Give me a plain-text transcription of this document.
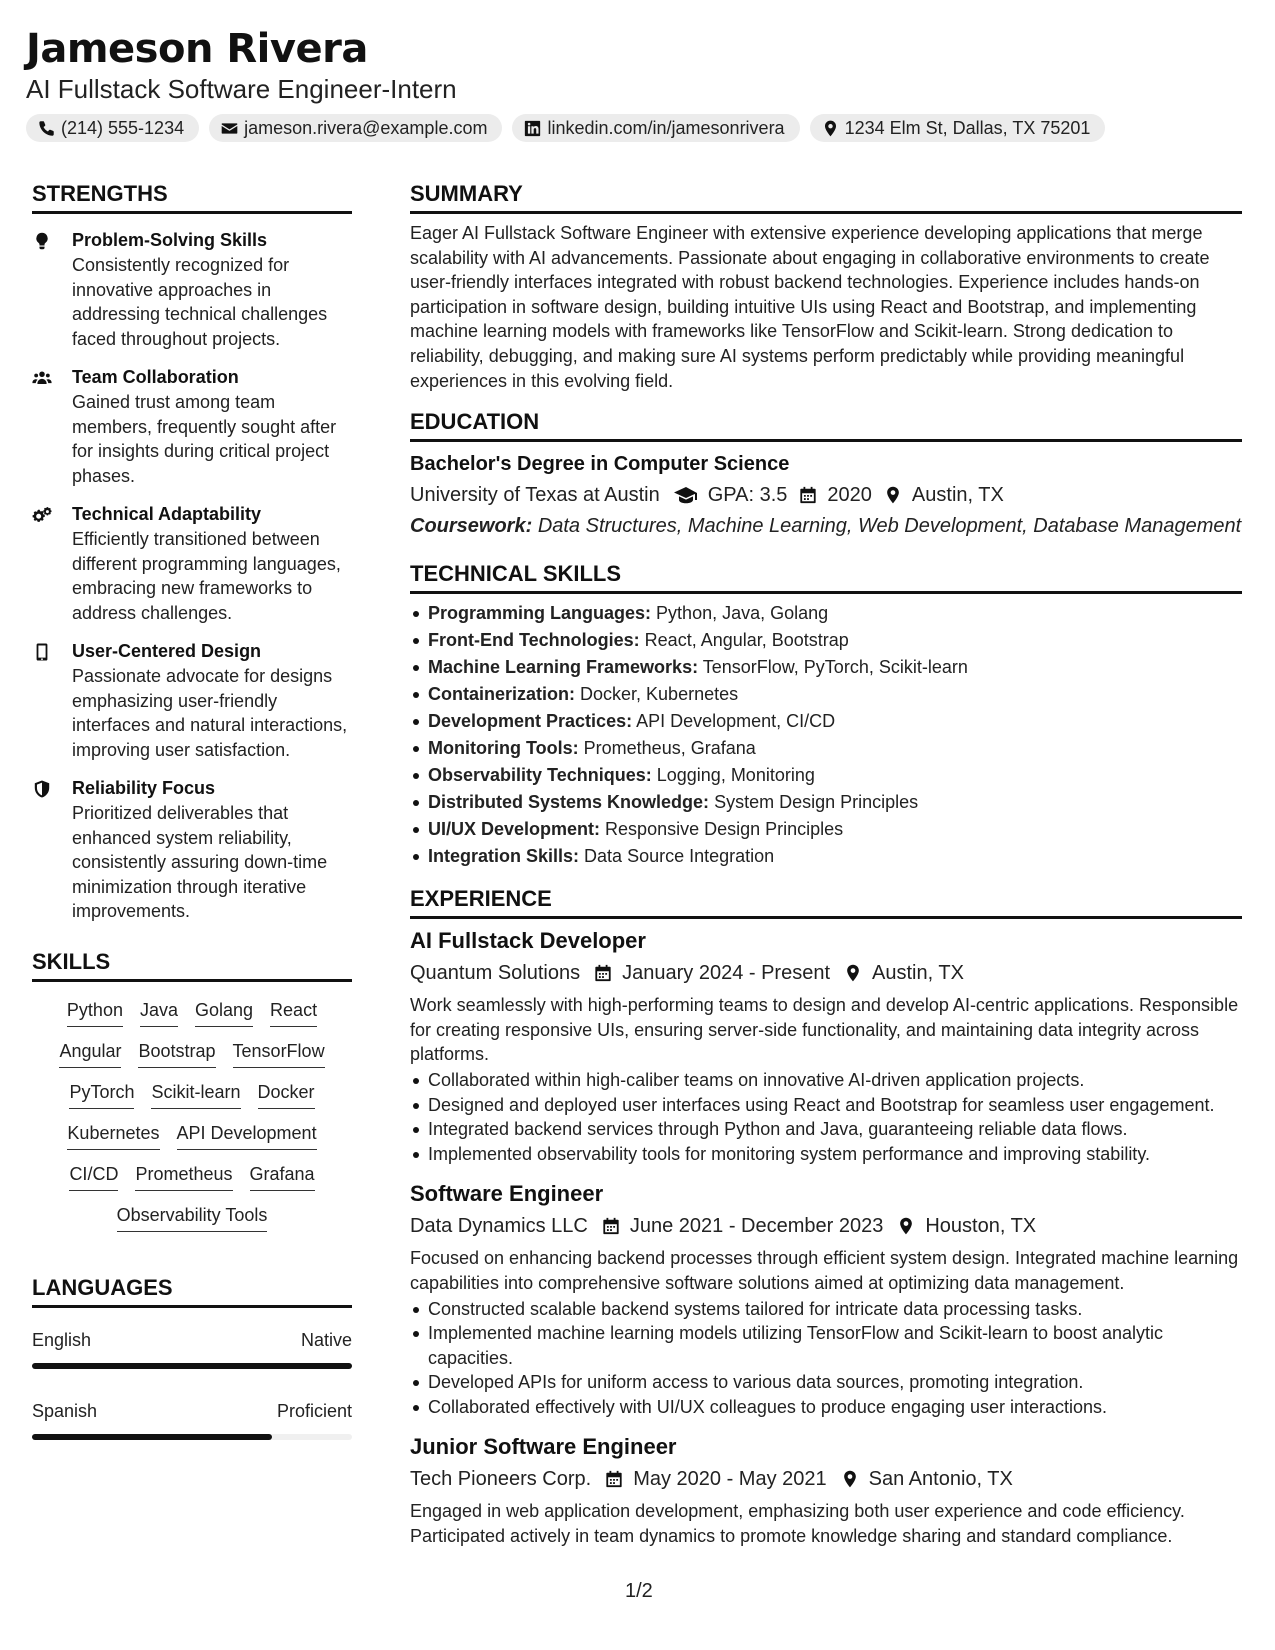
Jameson Rivera
AI Fullstack Software Engineer-Intern
(214) 555-1234	jameson.rivera@example.com	linkedin.com/in/jamesonrivera	1234 Elm St, Dallas, TX 75201
STRENGTHS
Problem-Solving Skills
Consistently recognized for innovative approaches in addressing technical challenges faced throughout projects.
Team Collaboration
Gained trust among team members, frequently sought after for insights during critical project phases.
Technical Adaptability
Efficiently transitioned between different programming languages, embracing new frameworks to address challenges.
User-Centered Design
Passionate advocate for designs emphasizing user-friendly interfaces and natural interactions, improving user satisfaction.
Reliability Focus
Prioritized deliverables that enhanced system reliability, consistently assuring down-time minimization through iterative improvements.
SKILLS
Python Java Golang React
Angular Bootstrap TensorFlow
PyTorch Scikit-learn Docker
Kubernetes API Development
CI/CD Prometheus Grafana
Observability Tools
LANGUAGES
English	Native
Spanish	Proficient
SUMMARY
Eager AI Fullstack Software Engineer with extensive experience developing applications that merge scalability with AI advancements. Passionate about engaging in collaborative environments to create user-friendly interfaces integrated with robust backend technologies. Experience includes hands-on participation in software design, building intuitive UIs using React and Bootstrap, and implementing machine learning models with frameworks like TensorFlow and Scikit-learn. Strong dedication to reliability, debugging, and making sure AI systems perform predictably while providing meaningful experiences in this evolving field.
EDUCATION
Bachelor's Degree in Computer Science
University of Texas at Austin GPA: 3.5 2020 Austin, TX
Coursework: Data Structures, Machine Learning, Web Development, Database Management
TECHNICAL SKILLS
Programming Languages: Python, Java, Golang
Front-End Technologies: React, Angular, Bootstrap
Machine Learning Frameworks: TensorFlow, PyTorch, Scikit-learn
Containerization: Docker, Kubernetes
Development Practices: API Development, CI/CD
Monitoring Tools: Prometheus, Grafana
Observability Techniques: Logging, Monitoring
Distributed Systems Knowledge: System Design Principles
UI/UX Development: Responsive Design Principles
Integration Skills: Data Source Integration
EXPERIENCE
AI Fullstack Developer
Quantum Solutions January 2024 - Present Austin, TX
Work seamlessly with high-performing teams to design and develop AI-centric applications. Responsible for creating responsive UIs, ensuring server-side functionality, and maintaining data integrity across platforms.
Collaborated within high-caliber teams on innovative AI-driven application projects.
Designed and deployed user interfaces using React and Bootstrap for seamless user engagement.
Integrated backend services through Python and Java, guaranteeing reliable data flows.
Implemented observability tools for monitoring system performance and improving stability.
Software Engineer
Data Dynamics LLC June 2021 - December 2023 Houston, TX
Focused on enhancing backend processes through efficient system design. Integrated machine learning capabilities into comprehensive software solutions aimed at optimizing data management.
Constructed scalable backend systems tailored for intricate data processing tasks.
Implemented machine learning models utilizing TensorFlow and Scikit-learn to boost analytic capacities.
Developed APIs for uniform access to various data sources, promoting integration.
Collaborated effectively with UI/UX colleagues to produce engaging user interactions.
Junior Software Engineer
Tech Pioneers Corp. May 2020 - May 2021 San Antonio, TX
Engaged in web application development, emphasizing both user experience and code efficiency. Participated actively in team dynamics to promote knowledge sharing and standard compliance.
1/2
